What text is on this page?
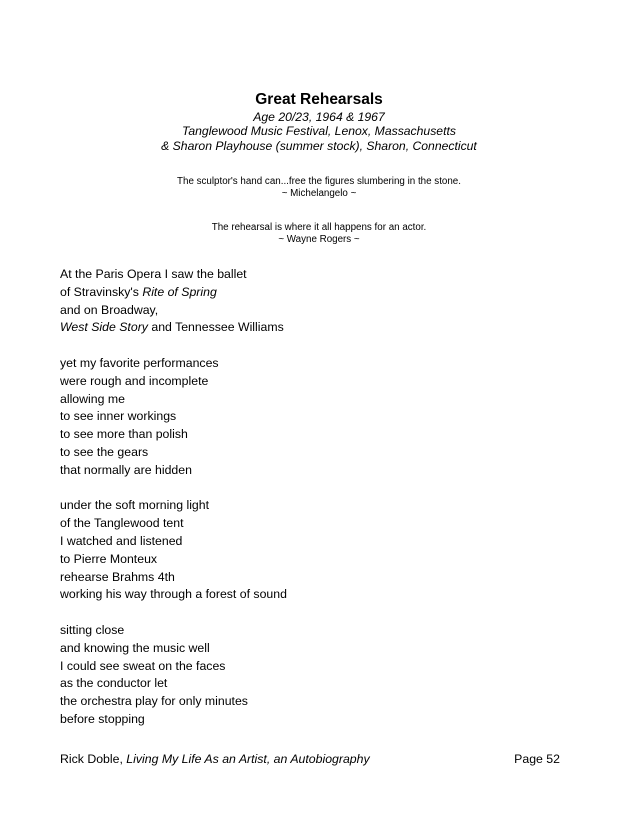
Great Rehearsals
Age 20/23, 1964 & 1967
Tanglewood Music Festival, Lenox, Massachusetts
& Sharon Playhouse (summer stock), Sharon, Connecticut
The sculptor's hand can...free the figures slumbering in the stone.
~ Michelangelo ~
The rehearsal is where it all happens for an actor.
~ Wayne Rogers ~
At the Paris Opera I saw the ballet
of Stravinsky's Rite of Spring
and on Broadway,
West Side Story and Tennessee Williams
yet my favorite performances
were rough and incomplete
allowing me
to see inner workings
to see more than polish
to see the gears
that normally are hidden
under the soft morning light
of the Tanglewood tent
I watched and listened
to Pierre Monteux
rehearse Brahms 4th
working his way through a forest of sound
sitting close
and knowing the music well
I could see sweat on the faces
as the conductor let
the orchestra play for only minutes
before stopping
Rick Doble, Living My Life As an Artist, an Autobiography	Page 52
